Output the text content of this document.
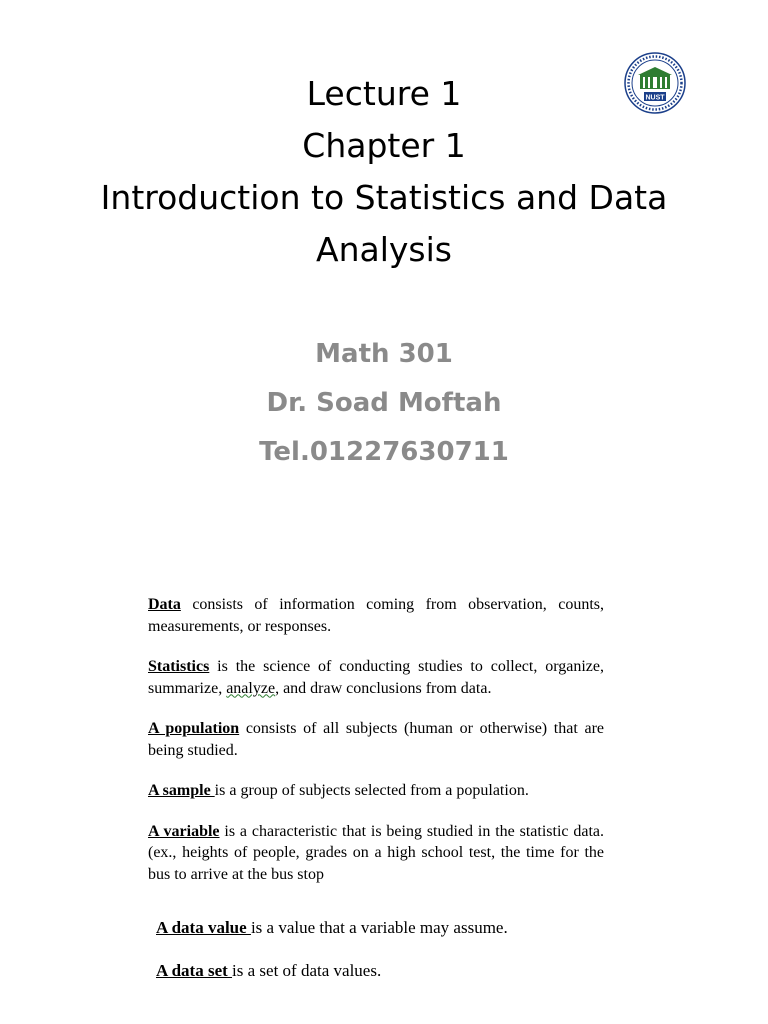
NUST
Lecture 1
Chapter 1
Introduction to Statistics and Data
Analysis
Math 301
Dr. Soad Moftah
Tel.01227630711

Data consists of information coming from observation, counts, measurements, or responses.

Statistics is the science of conducting studies to collect, organize, summarize, analyze, and draw conclusions from data.

A population consists of all subjects (human or otherwise) that are being studied.

A sample is a group of subjects selected from a population.

A variable is a characteristic that is being studied in the statistic data. (ex., heights of people, grades on a high school test, the time for the bus to arrive at the bus stop

A data value is a value that a variable may assume.

A data set is a set of data values.
